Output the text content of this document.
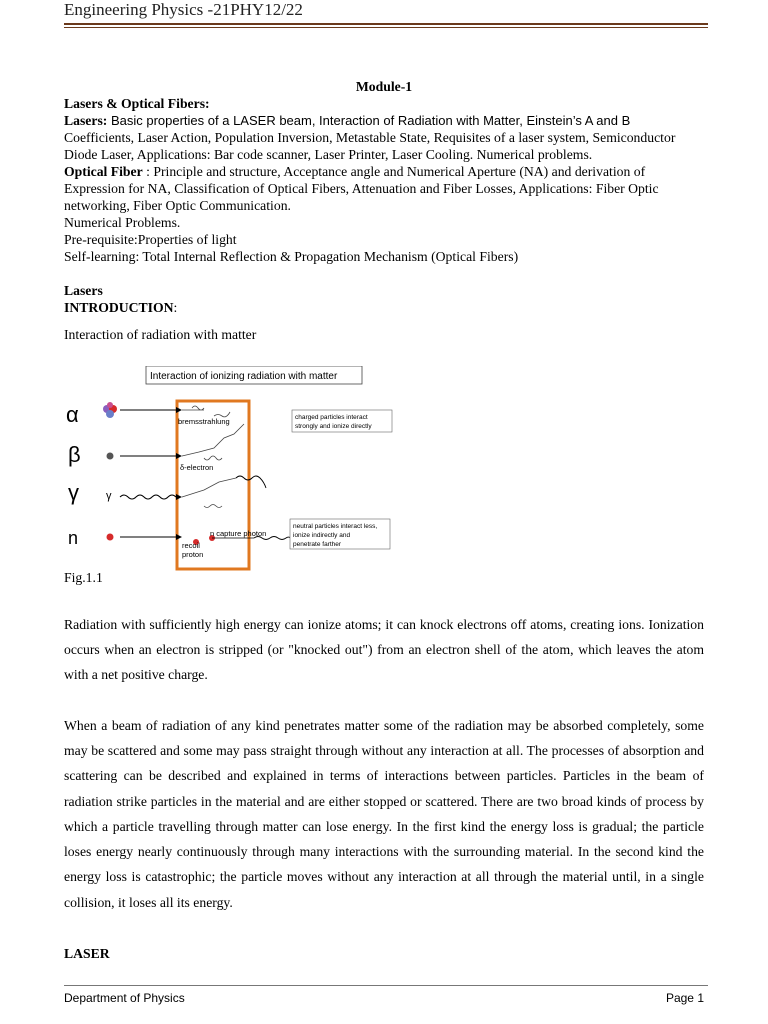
Engineering Physics -21PHY12/22

Module-1

Lasers & Optical Fibers:

Lasers: Basic properties of a LASER beam, Interaction of Radiation with Matter, Einstein’s A and B
Coefficients, Laser Action, Population Inversion, Metastable State, Requisites of a laser system, Semiconductor Diode Laser, Applications: Bar code scanner, Laser Printer, Laser Cooling. Numerical problems.

Optical Fiber : Principle and structure, Acceptance angle and Numerical Aperture (NA) and derivation of Expression for NA, Classification of Optical Fibers, Attenuation and Fiber Losses, Applications: Fiber Optic networking, Fiber Optic Communication.

Numerical Problems.

Pre-requisite:Properties of light

Self-learning: Total Internal Reflection & Propagation Mechanism (Optical Fibers)

Lasers

INTRODUCTION:

Interaction of radiation with matter

Interaction of ionizing radiation with matter
α
β
γ
n
γ
bremsstrahlung
δ-electron
n capture photon
recoil
proton
charged particles interact
strongly and ionize directly
neutral particles interact less,
ionize indirectly and
penetrate farther
Fig.1.1

Radiation with sufficiently high energy can ionize atoms; it can knock electrons off atoms, creating ions. Ionization occurs when an electron is stripped (or "knocked out") from an electron shell of the atom, which leaves the atom with a net positive charge.

When a beam of radiation of any kind penetrates matter some of the radiation may be absorbed completely, some may be scattered and some may pass straight through without any interaction at all. The processes of absorption and scattering can be described and explained in terms of interactions between particles. Particles in the beam of radiation strike particles in the material and are either stopped or scattered. There are two broad kinds of process by which a particle travelling through matter can lose energy. In the first kind the energy loss is gradual; the particle loses energy nearly continuously through many interactions with the surrounding material. In the second kind the energy loss is catastrophic; the particle moves without any interaction at all through the material until, in a single collision, it loses all its energy.

LASER
Department of Physics	Page 1
